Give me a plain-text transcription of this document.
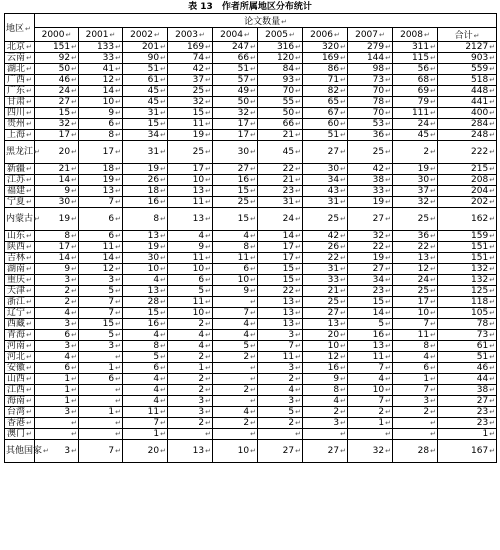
表 13　作者所属地区分布统计
地区↵	论文数量↵									
	2000↵	2001↵	2002↵	2003↵	2004↵	2005↵	2006↵	2007↵	2008↵	合计↵
北京↵	151↵	133↵	201↵	169↵	247↵	316↵	320↵	279↵	311↵	2127↵
云南↵	92↵	33↵	90↵	74↵	66↵	120↵	169↵	144↵	115↵	903↵
湖北↵	50↵	41↵	51↵	42↵	51↵	84↵	86↵	98↵	56↵	559↵
广西↵	46↵	12↵	61↵	37↵	57↵	93↵	71↵	73↵	68↵	518↵
广东↵	24↵	14↵	45↵	25↵	49↵	70↵	82↵	70↵	69↵	448↵
甘肃↵	27↵	10↵	45↵	32↵	50↵	55↵	65↵	78↵	79↵	441↵
四川↵	15↵	9↵	31↵	15↵	32↵	50↵	67↵	70↵	111↵	400↵
贵州↵	32↵	6↵	15↵	11↵	17↵	66↵	60↵	53↵	24↵	284↵
上海↵	17↵	8↵	34↵	19↵	17↵	21↵	51↵	36↵	45↵	248↵
黑龙江↵	20↵	17↵	31↵	25↵	30↵	45↵	27↵	25↵	2↵	222↵
新疆↵	21↵	18↵	19↵	17↵	27↵	22↵	30↵	42↵	19↵	215↵
江苏↵	14↵	19↵	26↵	10↵	16↵	21↵	34↵	38↵	30↵	208↵
福建↵	9↵	13↵	18↵	13↵	15↵	23↵	43↵	33↵	37↵	204↵
宁夏↵	30↵	7↵	16↵	11↵	25↵	31↵	31↵	19↵	32↵	202↵
内蒙古↵	19↵	6↵	8↵	13↵	15↵	24↵	25↵	27↵	25↵	162↵
山东↵	8↵	6↵	13↵	4↵	4↵	14↵	42↵	32↵	36↵	159↵
陕西↵	17↵	11↵	19↵	9↵	8↵	17↵	26↵	22↵	22↵	151↵
吉林↵	14↵	14↵	30↵	11↵	11↵	17↵	22↵	19↵	13↵	151↵
湖南↵	9↵	12↵	10↵	10↵	6↵	15↵	31↵	27↵	12↵	132↵
重庆↵	3↵	3↵	4↵	6↵	10↵	15↵	33↵	34↵	24↵	132↵
天津↵	2↵	5↵	13↵	5↵	9↵	22↵	21↵	23↵	25↵	125↵
浙江↵	2↵	7↵	28↵	11↵	↵	13↵	25↵	15↵	17↵	118↵
辽宁↵	4↵	7↵	15↵	10↵	7↵	13↵	27↵	14↵	10↵	105↵
西藏↵	3↵	15↵	16↵	2↵	4↵	13↵	13↵	5↵	7↵	78↵
青海↵	6↵	5↵	4↵	4↵	4↵	3↵	20↵	16↵	11↵	73↵
河南↵	3↵	3↵	8↵	4↵	5↵	7↵	10↵	13↵	8↵	61↵
河北↵	4↵	↵	5↵	2↵	2↵	11↵	12↵	11↵	4↵	51↵
安徽↵	6↵	1↵	6↵	1↵	↵	3↵	16↵	7↵	6↵	46↵
山西↵	1↵	6↵	4↵	2↵	↵	2↵	9↵	4↵	1↵	44↵
江西↵	1↵	↵	4↵	2↵	2↵	4↵	8↵	10↵	7↵	38↵
海南↵	1↵	↵	4↵	3↵	↵	3↵	4↵	7↵	3↵	27↵
台湾↵	3↵	1↵	11↵	3↵	4↵	5↵	2↵	2↵	2↵	23↵
香港↵	↵	↵	7↵	2↵	2↵	2↵	3↵	1↵	↵	23↵
澳门↵	↵	↵	1↵	↵	↵	↵	↵	↵	↵	1↵
其他国家↵	3↵	7↵	20↵	13↵	10↵	27↵	27↵	32↵	28↵	167↵
